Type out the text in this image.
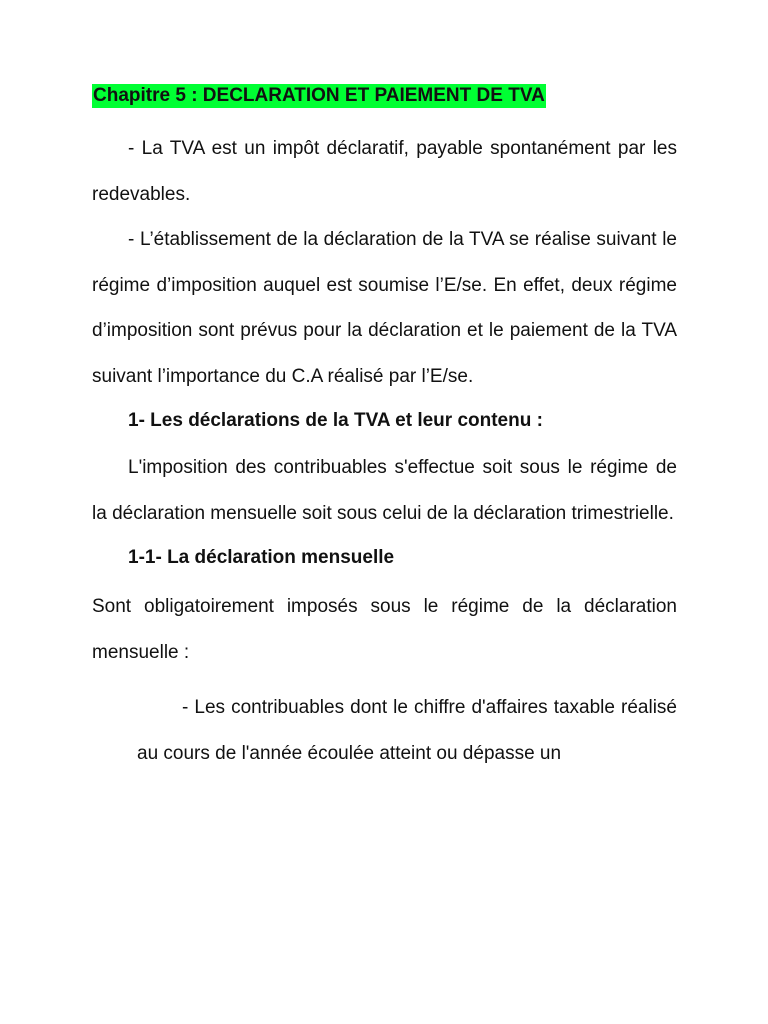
Chapitre 5 : DECLARATION ET PAIEMENT DE TVA

- La TVA est un impôt déclaratif, payable spontanément par les redevables.

- L’établissement de la déclaration de la TVA se réalise suivant le régime d’imposition auquel est soumise l’E/se. En effet, deux régime d’imposition sont prévus pour la déclaration et le paiement de la TVA suivant l’importance du C.A réalisé par l’E/se.

1- Les déclarations de la TVA et leur contenu :

L'imposition des contribuables s'effectue soit sous le régime de la déclaration mensuelle soit sous celui de la déclaration trimestrielle.

1-1- La déclaration mensuelle

Sont obligatoirement imposés sous le régime de la déclaration mensuelle :

- Les contribuables dont le chiffre d'affaires taxable réalisé au cours de l'année écoulée atteint ou dépasse un
